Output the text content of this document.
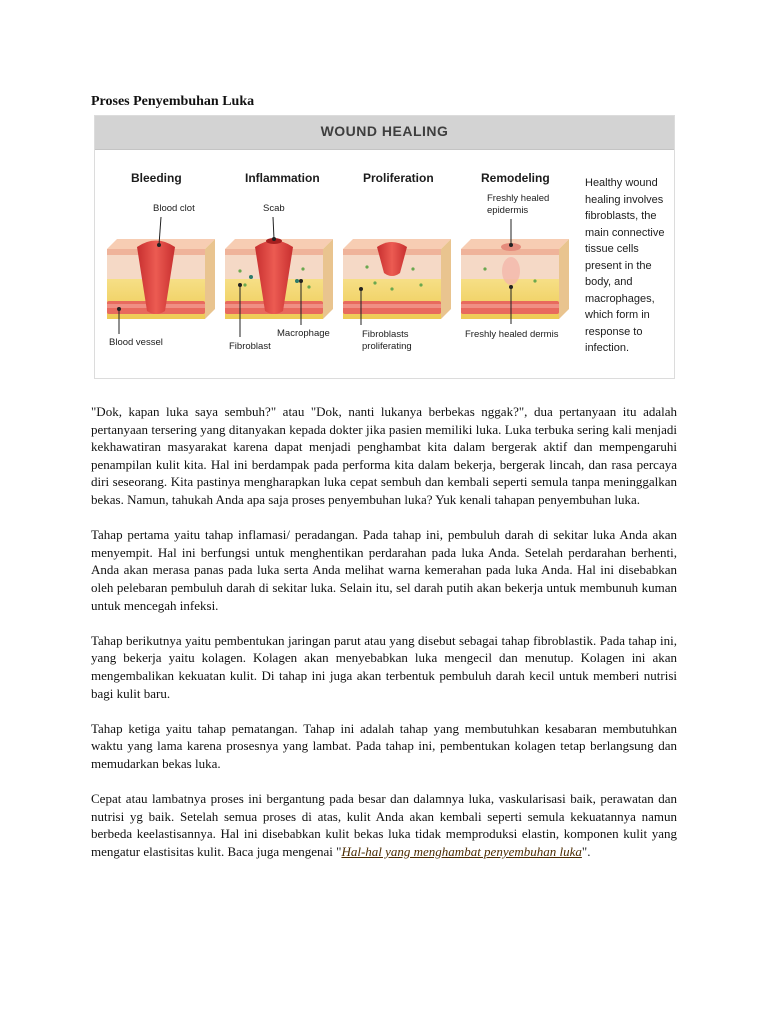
Proses Penyembuhan Luka
WOUND HEALING
Bleeding	Inflammation	Proliferation	Remodeling
Blood clot	Scab
Freshly healed
epidermis
Blood vessel	Fibroblast
Macrophage	Fibroblasts
proliferating
Freshly healed dermis

Healthy wound healing involves fibroblasts, the main connective tissue cells present in the body, and macrophages, which form in response to infection.

"Dok, kapan luka saya sembuh?" atau "Dok, nanti lukanya berbekas nggak?", dua pertanyaan itu adalah pertanyaan tersering yang ditanyakan kepada dokter jika pasien memiliki luka. Luka terbuka sering kali menjadi kekhawatiran masyarakat karena dapat menjadi penghambat kita dalam bergerak aktif dan mempengaruhi penampilan kulit kita. Hal ini berdampak pada performa kita dalam bekerja, bergerak lincah, dan rasa percaya diri seseorang. Kita pastinya mengharapkan luka cepat sembuh dan kembali seperti semula tanpa meninggalkan bekas. Namun, tahukah Anda apa saja proses penyembuhan luka? Yuk kenali tahapan penyembuhan luka.

Tahap pertama yaitu tahap inflamasi/ peradangan. Pada tahap ini, pembuluh darah di sekitar luka Anda akan menyempit. Hal ini berfungsi untuk menghentikan perdarahan pada luka Anda. Setelah perdarahan berhenti, Anda akan merasa panas pada luka serta Anda melihat warna kemerahan pada luka Anda. Hal ini disebabkan oleh pelebaran pembuluh darah di sekitar luka. Selain itu, sel darah putih akan bekerja untuk membunuh kuman untuk mencegah infeksi.

Tahap berikutnya yaitu pembentukan jaringan parut atau yang disebut sebagai tahap fibroblastik. Pada tahap ini, yang bekerja yaitu kolagen. Kolagen akan menyebabkan luka mengecil dan menutup. Kolagen ini akan mengembalikan kekuatan kulit. Di tahap ini juga akan terbentuk pembuluh darah kecil untuk memberi nutrisi bagi kulit baru.

Tahap ketiga yaitu tahap pematangan. Tahap ini adalah tahap yang membutuhkan kesabaran membutuhkan waktu yang lama karena prosesnya yang lambat. Pada tahap ini, pembentukan kolagen tetap berlangsung dan memudarkan bekas luka.

Cepat atau lambatnya proses ini bergantung pada besar dan dalamnya luka, vaskularisasi baik, perawatan dan nutrisi yg baik. Setelah semua proses di atas, kulit Anda akan kembali seperti semula kekuatannya namun berbeda keelastisannya. Hal ini disebabkan kulit bekas luka tidak memproduksi elastin, komponen kulit yang mengatur elastisitas kulit. Baca juga mengenai "Hal-hal yang menghambat penyembuhan luka".
